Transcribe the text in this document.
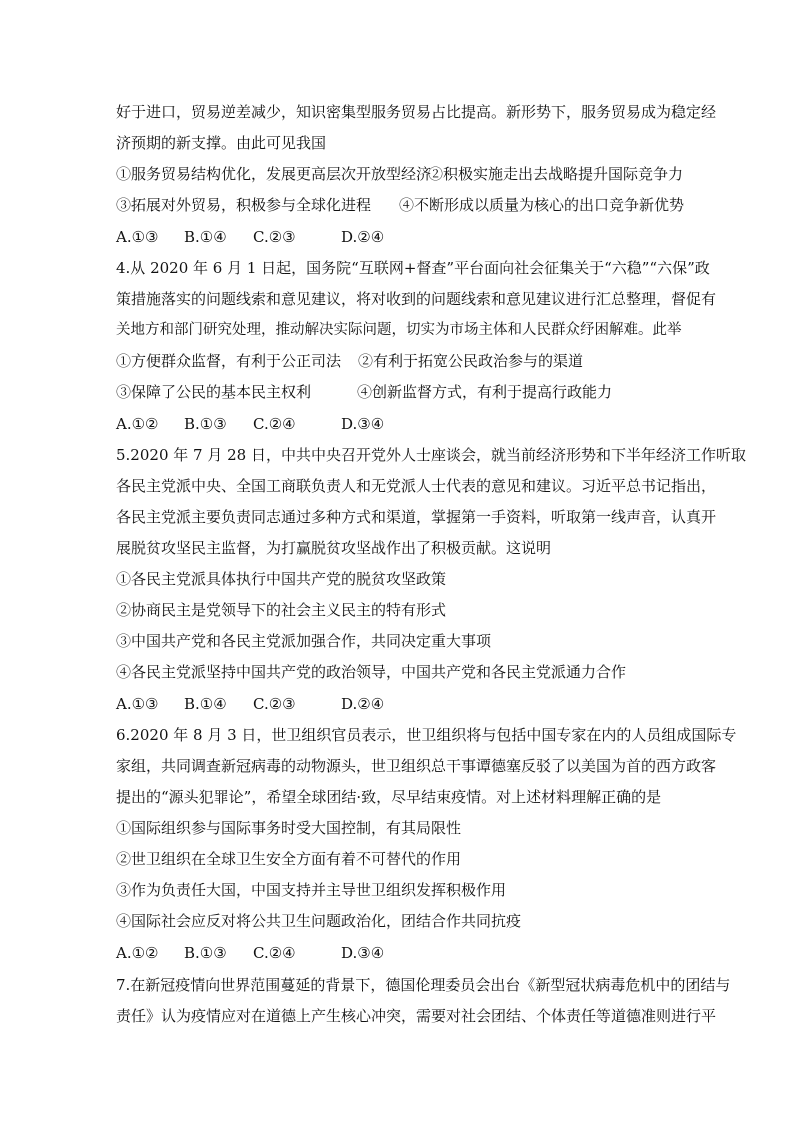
好于进口，贸易逆差减少，知识密集型服务贸易占比提高。新形势下，服务贸易成为稳定经
济预期的新支撑。由此可见我国
①服务贸易结构优化，发展更高层次开放型经济
②积极实施走出去战略提升国际竞争力
③拓展对外贸易，积极参与全球化进程 ④不断形成以质量为核心的出口竞争新优势
A.①③ B.①④ C.②③	D.②④
4.从 2020 年 6 月 1 日起，国务院“互联网+督查”平台面向社会征集关于“六稳”“六保”政
策措施落实的问题线索和意见建议，将对收到的问题线索和意见建议进行汇总整理，督促有
关地方和部门研究处理，推动解决实际问题，切实为市场主体和人民群众纾困解难。此举
①方便群众监督，有利于公正司法 ②有利于拓宽公民政治参与的渠道
③保障了公民的基本民主权利	④创新监督方式，有利于提高行政能力
A.①② B.①③ C.②④	D.③④
5.2020 年 7 月 28 日，中共中央召开党外人士座谈会，就当前经济形势和下半年经济工作听取
各民主党派中央、全国工商联负责人和无党派人士代表的意见和建议。习近平总书记指出，
各民主党派主要负责同志通过多种方式和渠道，掌握第一手资料，听取第一线声音，认真开
展脱贫攻坚民主监督，为打赢脱贫攻坚战作出了积极贡献。这说明
①各民主党派具体执行中国共产党的脱贫攻坚政策
②协商民主是党领导下的社会主义民主的特有形式
③中国共产党和各民主党派加强合作，共同决定重大事项
④各民主党派坚持中国共产党的政治领导，中国共产党和各民主党派通力合作
A.①③ B.①④ C.②③	D.②④
6.2020 年 8 月 3 日，世卫组织官员表示，世卫组织将与包括中国专家在内的人员组成国际专
家组，共同调查新冠病毒的动物源头，世卫组织总干事谭德塞反驳了以美国为首的西方政客
提出的“源头犯罪论”，希望全球团结·致，尽早结束疫情。对上述材料理解正确的是
①国际组织参与国际事务时受大国控制，有其局限性
②世卫组织在全球卫生安全方面有着不可替代的作用
③作为负责任大国，中国支持并主导世卫组织发挥积极作用
④国际社会应反对将公共卫生问题政治化，团结合作共同抗疫
A.①② B.①③ C.②④	D.③④
7.在新冠疫情向世界范围蔓延的背景下，德国伦理委员会出台《新型冠状病毒危机中的团结与
责任》认为疫情应对在道德上产生核心冲突，需要对社会团结、个体责任等道德准则进行平
